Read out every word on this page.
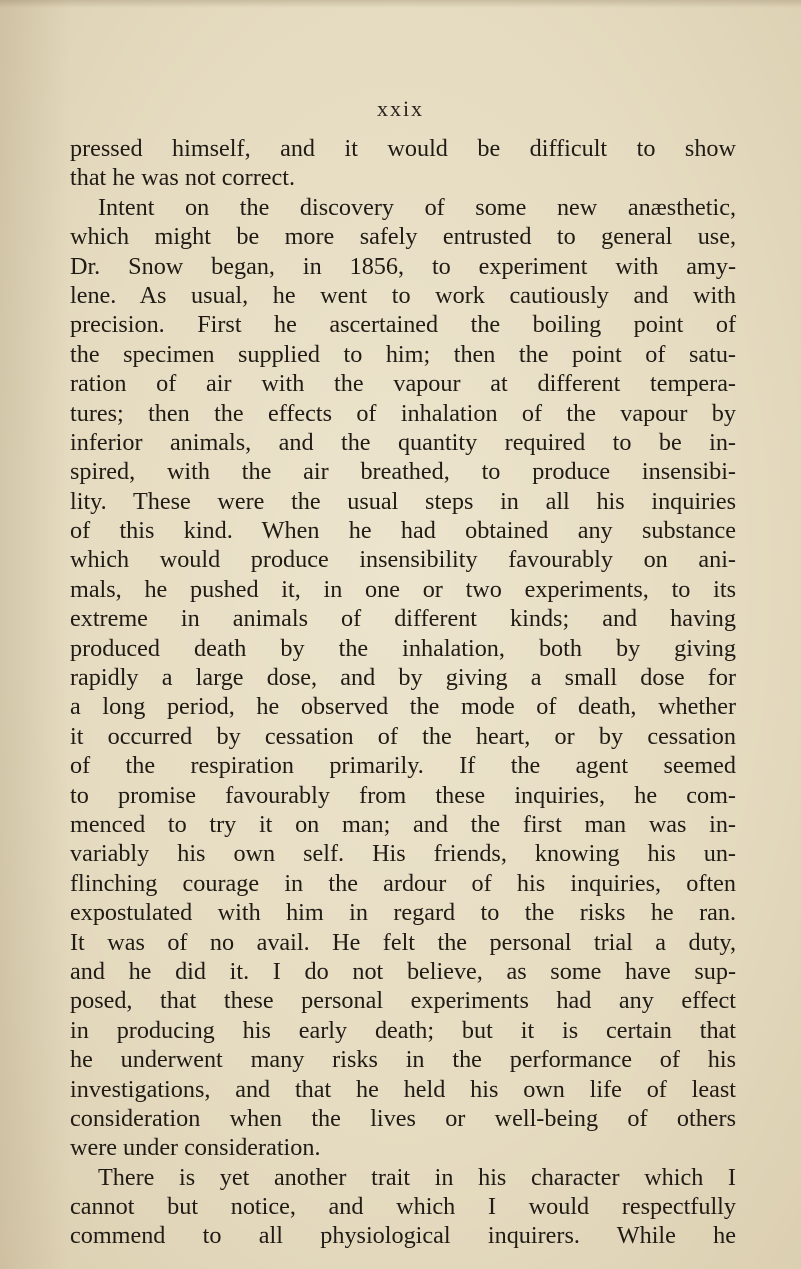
xxix
pressed himself, and it would be difficult to show
that he was not correct.
Intent on the discovery of some new anæsthetic,
which might be more safely entrusted to general use,
Dr. Snow began, in 1856, to experiment with amy-
lene. As usual, he went to work cautiously and with
precision. First he ascertained the boiling point of
the specimen supplied to him; then the point of satu-
ration of air with the vapour at different tempera-
tures; then the effects of inhalation of the vapour by
inferior animals, and the quantity required to be in-
spired, with the air breathed, to produce insensibi-
lity. These were the usual steps in all his inquiries
of this kind. When he had obtained any substance
which would produce insensibility favourably on ani-
mals, he pushed it, in one or two experiments, to its
extreme in animals of different kinds; and having
produced death by the inhalation, both by giving
rapidly a large dose, and by giving a small dose for
a long period, he observed the mode of death, whether
it occurred by cessation of the heart, or by cessation
of the respiration primarily. If the agent seemed
to promise favourably from these inquiries, he com-
menced to try it on man; and the first man was in-
variably his own self. His friends, knowing his un-
flinching courage in the ardour of his inquiries, often
expostulated with him in regard to the risks he ran.
It was of no avail. He felt the personal trial a duty,
and he did it. I do not believe, as some have sup-
posed, that these personal experiments had any effect
in producing his early death; but it is certain that
he underwent many risks in the performance of his
investigations, and that he held his own life of least
consideration when the lives or well-being of others
were under consideration.
There is yet another trait in his character which I
cannot but notice, and which I would respectfully
commend to all physiological inquirers. While he
